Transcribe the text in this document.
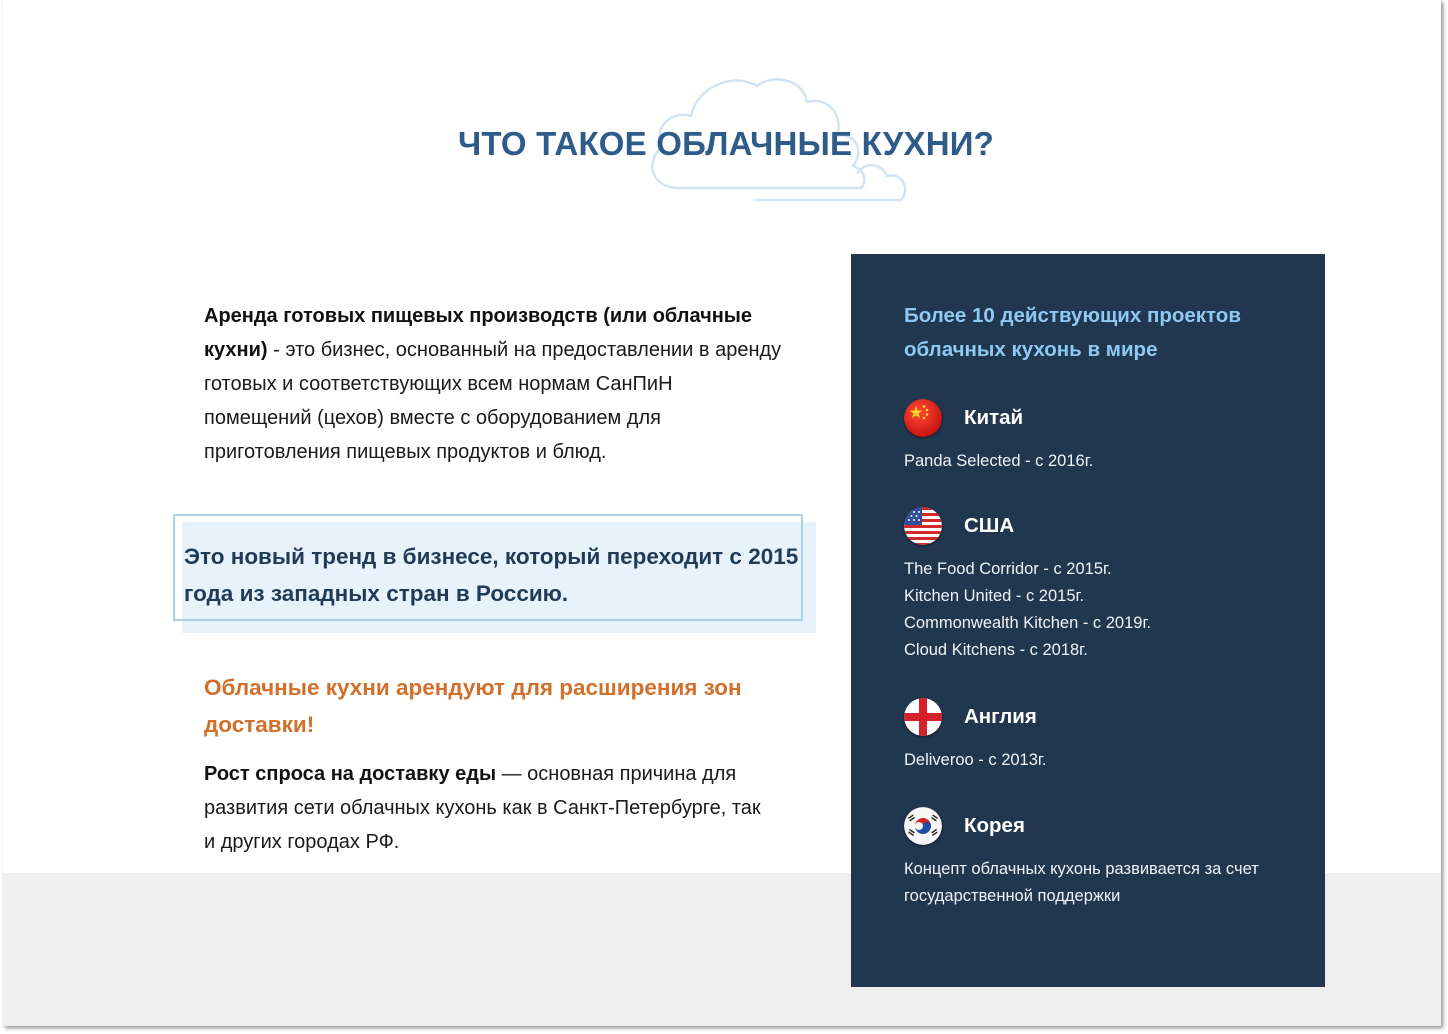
ЧТО ТАКОЕ ОБЛАЧНЫЕ КУХНИ?

Аренда готовых пищевых производств (или облачные кухни) - это бизнес, основанный на предоставлении в аренду готовых и соответствующих всем нормам СанПиН помещений (цехов) вместе с оборудованием для приготовления пищевых продуктов и блюд.

Это новый тренд в бизнесе, который переходит с 2015 года из западных стран в Россию.

Облачные кухни арендуют для расширения зон доставки!

Рост спроса на доставку еды — основная причина для развития сети облачных кухонь как в Санкт-Петербурге, так и других городах РФ.

Более 10 действующих проектов облачных кухонь в мире

Китай
Panda Selected - с 2016г.
США
The Food Corridor - с 2015г.
Kitchen United - с 2015г.
Commonwealth Kitchen - с 2019г.
Cloud Kitchens - с 2018г.
Англия
Deliveroo - с 2013г.
Корея
Концепт облачных кухонь развивается за счет государственной поддержки
